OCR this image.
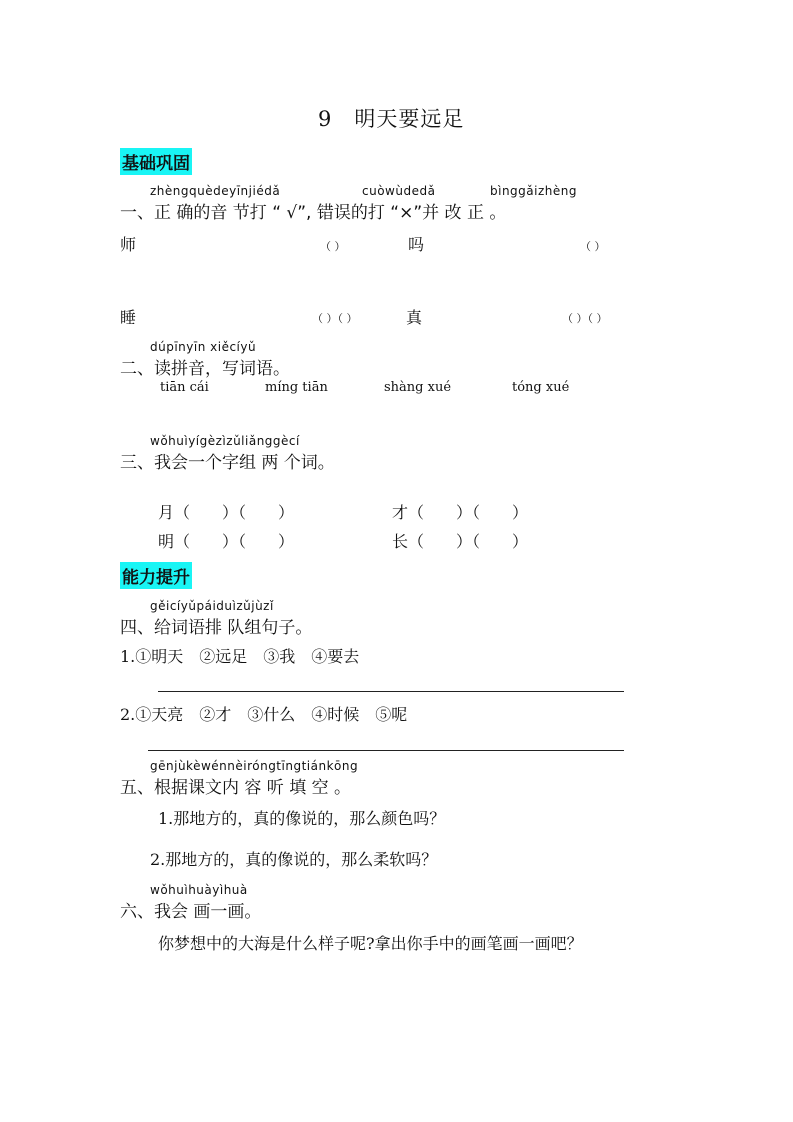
9　明天要远足
基础巩固
zhèngquèdeyīnjiédǎ	cuòwùdedǎ	bìnggǎizhèng
一、正 确的音 节打 “ √”, 错误的打 “×”并 改 正 。
师	（ ）	吗	（ ）
睡	（ ）（ ）	真	（ ）（ ）
dúpīnyīn xiěcíyǔ
二、读拼音，写词语。
tiān cái	míng tiān	shàng xué	tóng xué
wǒhuìyígèzìzǔliǎnggècí
三、我会一个字组 两 个词。
月（　　）（　　）	才（　　）（　　）
明（　　）（　　）	长（　　）（　　）
能力提升
gěicíyǔpáiduìzǔjùzǐ
四、给词语排 队组句子。
1.①明天　②远足　③我　④要去
2.①天亮　②才　③什么　④时候　⑤呢
gēnjùkèwénnèiróngtīngtiánkōng
五、根据课文内 容 听 填 空 。
1.那地方的，真的像说的，那么颜色吗？
2.那地方的，真的像说的，那么柔软吗？
wǒhuìhuàyìhuà
六、我会 画一画。
你梦想中的大海是什么样子呢?拿出你手中的画笔画一画吧？
